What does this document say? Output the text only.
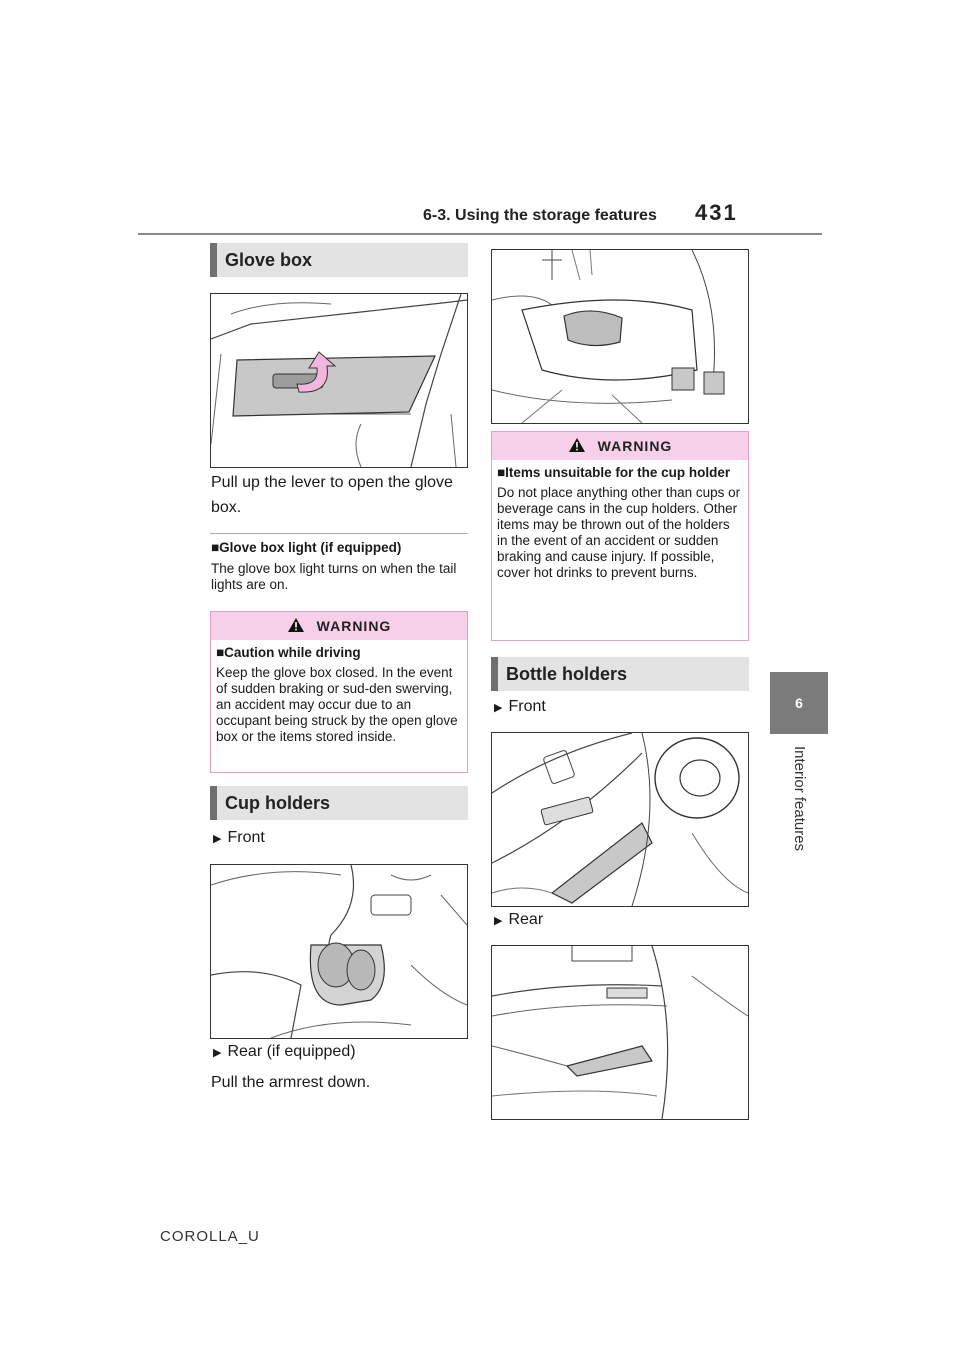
6-3. Using the storage features 431
6
Interior features
Glove box
Pull up the lever to open the glove box.
■Glove box light (if equipped)
The glove box light turns on when the tail lights are on.
WARNING
■Caution while driving
Keep the glove box closed. In the event of sudden braking or sud-den swerving, an accident may occur due to an occupant being struck by the open glove box or the items stored inside.
Cup holders
▶ Front
▶ Rear (if equipped)
Pull the armrest down.
WARNING
■Items unsuitable for the cup holder
Do not place anything other than cups or beverage cans in the cup holders. Other items may be thrown out of the holders in the event of an accident or sudden braking and cause injury. If possible, cover hot drinks to prevent burns.
Bottle holders
▶ Front
▶ Rear
COROLLA_U
